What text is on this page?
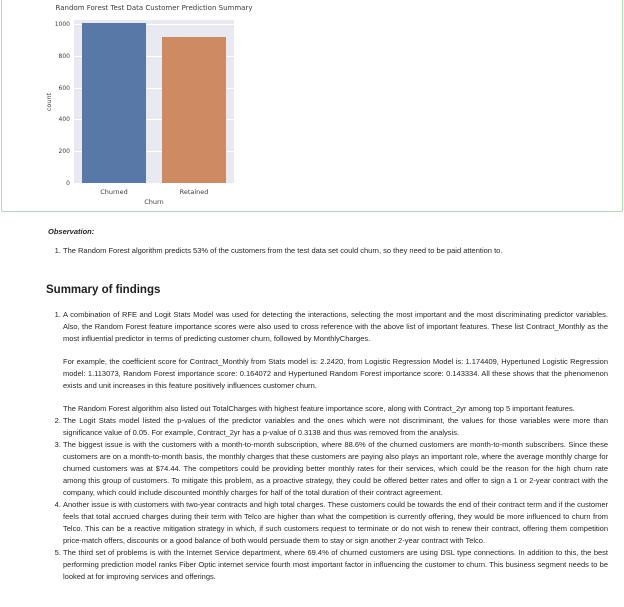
Random Forest Test Data Customer Prediction Summary
count
Churn
0
200
400
600
800
1000
Churned	Retained
Observation:
1. The Random Forest algorithm predicts 53% of the customers from the test data set could churn, so they need to be paid attention to.
Summary of findings
1. A combination of RFE and Logit Stats Model was used for detecting the interactions, selecting the most important and the most discriminating predictor variables. Also, the Random Forest feature importance scores were also used to cross reference with the above list of important features. These list Contract_Monthly as the most influential predictor in terms of predicting customer churn, followed by MonthlyCharges.
For example, the coefficient score for Contract_Monthly from Stats model is: 2.2420, from Logistic Regression Model is: 1.174409, Hypertuned Logistic Regression model: 1.113073, Random Forest importance score: 0.164072 and Hypertuned Random Forest importance score: 0.143334. All these shows that the phenomenon exists and unit increases in this feature positively influences customer churn.
The Random Forest algorithm also listed out TotalCharges with highest feature importance score, along with Contract_2yr among top 5 important features.
2. The Logit Stats model listed the p-values of the predictor variables and the ones which were not discriminant, the values for those variables were more than significance value of 0.05. For example, Contract_2yr has a p-value of 0.3138 and thus was removed from the analysis.
3. The biggest issue is with the customers with a month-to-month subscription, where 88.6% of the churned customers are month-to-month subscribers. Since these customers are on a month-to-month basis, the monthly charges that these customers are paying also plays an important role, where the average monthly charge for churned customers was at $74.44. The competitors could be providing better monthly rates for their services, which could be the reason for the high churn rate among this group of customers. To mitigate this problem, as a proactive strategy, they could be offered better rates and offer to sign a 1 or 2-year contract with the company, which could include discounted monthly charges for half of the total duration of their contract agreement.
4. Another issue is with customers with two-year contracts and high total charges. These customers could be towards the end of their contract term and if the customer feels that total accrued charges during their term with Telco are higher than what the competition is currently offering, they would be more influenced to churn from Telco. This can be a reactive mitigation strategy in which, if such customers request to terminate or do not wish to renew their contract, offering them competition price-match offers, discounts or a good balance of both would persuade them to stay or sign another 2-year contract with Telco.
5. The third set of problems is with the Internet Service department, where 69.4% of churned customers are using DSL type connections. In addition to this, the best performing prediction model ranks Fiber Optic internet service fourth most important factor in influencing the customer to churn. This business segment needs to be looked at for improving services and offerings.
